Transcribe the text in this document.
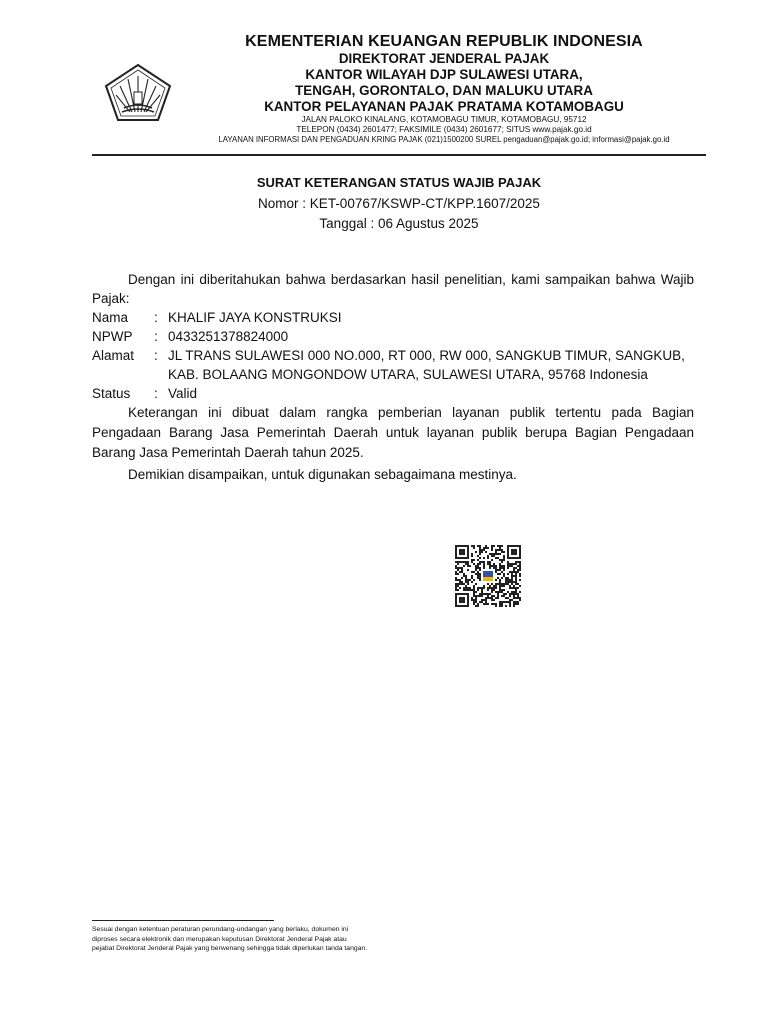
KEMENTERIAN KEUANGAN REPUBLIK INDONESIA
DIREKTORAT JENDERAL PAJAK
KANTOR WILAYAH DJP SULAWESI UTARA,
TENGAH, GORONTALO, DAN MALUKU UTARA
KANTOR PELAYANAN PAJAK PRATAMA KOTAMOBAGU
JALAN PALOKO KINALANG, KOTAMOBAGU TIMUR, KOTAMOBAGU, 95712
TELEPON (0434) 2601477; FAKSIMILE (0434) 2601677; SITUS www.pajak.go.id
LAYANAN INFORMASI DAN PENGADUAN KRING PAJAK (021)1500200 SUREL pengaduan@pajak.go.id; informasi@pajak.go.id
SURAT KETERANGAN STATUS WAJIB PAJAK
Nomor : KET-00767/KSWP-CT/KPP.1607/2025
Tanggal : 06 Agustus 2025

Dengan ini diberitahukan bahwa berdasarkan hasil penelitian, kami sampaikan bahwa Wajib Pajak:

Nama	: KHALIF JAYA KONSTRUKSI
NPWP	: 0433251378824000
Alamat	: JL TRANS SULAWESI 000 NO.000, RT 000, RW 000, SANGKUB TIMUR, SANGKUB,
KAB. BOLAANG MONGONDOW UTARA, SULAWESI UTARA, 95768 Indonesia
Status	: Valid

Keterangan ini dibuat dalam rangka pemberian layanan publik tertentu pada Bagian Pengadaan Barang Jasa Pemerintah Daerah untuk layanan publik berupa Bagian Pengadaan Barang Jasa Pemerintah Daerah tahun 2025.

Demikian disampaikan, untuk digunakan sebagaimana mestinya.

Sesuai dengan ketentuan peraturan perundang-undangan yang berlaku, dokumen ini
diproses secara elektronik dan merupakan keputusan Direktorat Jenderal Pajak atau
pejabat Direktorat Jenderal Pajak yang berwenang sehingga tidak diperlukan tanda tangan.
